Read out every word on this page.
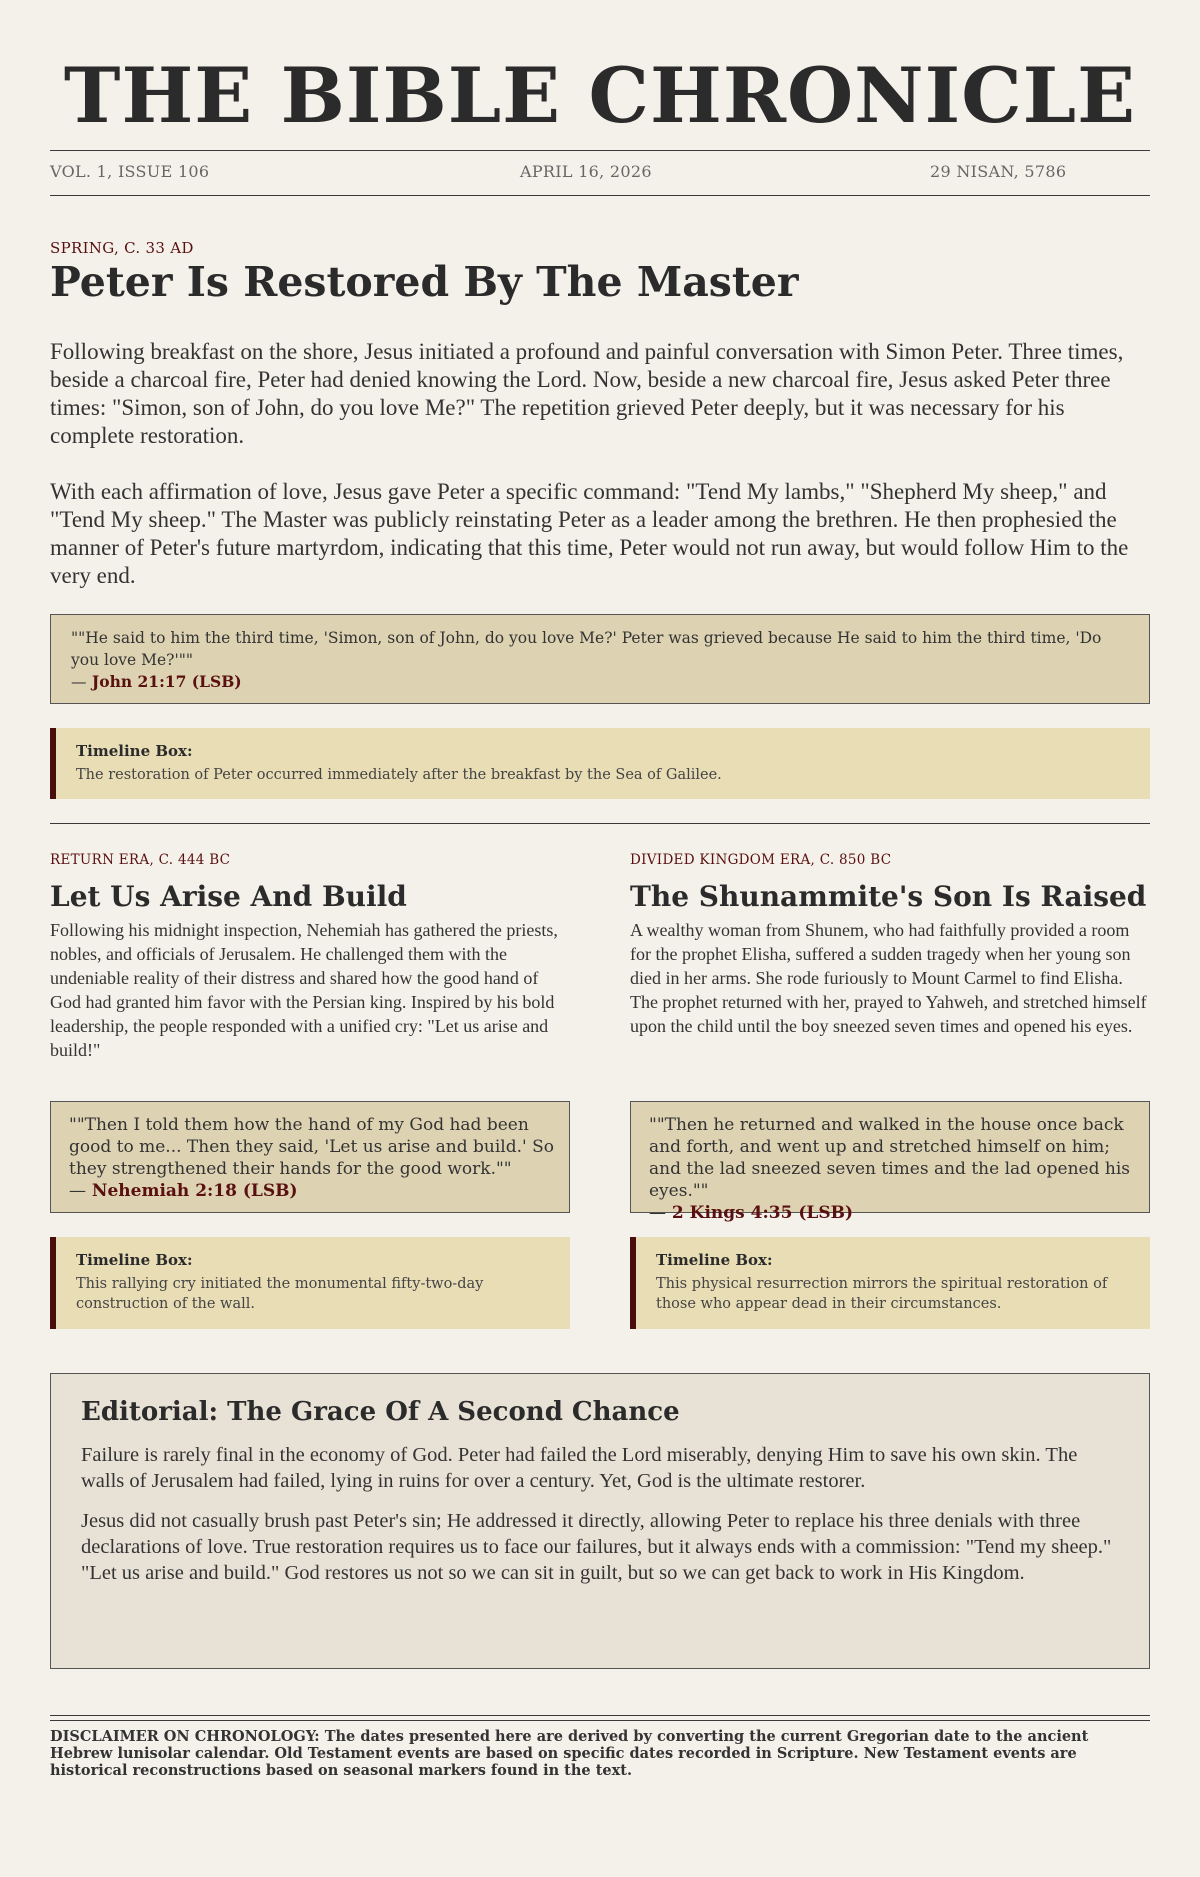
THE BIBLE CHRONICLE
VOL. 1, ISSUE 106	APRIL 16, 2026	29 NISAN, 5786
SPRING, C. 33 AD
Peter Is Restored By The Master

Following breakfast on the shore, Jesus initiated a profound and painful conversation with Simon Peter. Three times, beside a charcoal fire, Peter had denied knowing the Lord. Now, beside a new charcoal fire, Jesus asked Peter three times: "Simon, son of John, do you love Me?" The repetition grieved Peter deeply, but it was necessary for his complete restoration.

With each affirmation of love, Jesus gave Peter a specific command: "Tend My lambs," "Shepherd My sheep," and "Tend My sheep." The Master was publicly reinstating Peter as a leader among the brethren. He then prophesied the manner of Peter's future martyrdom, indicating that this time, Peter would not run away, but would follow Him to the very end.

""He said to him the third time, 'Simon, son of John, do you love Me?' Peter was grieved because He said to him the third time, 'Do you love Me?'""
— John 21:17 (LSB)
Timeline Box:
The restoration of Peter occurred immediately after the breakfast by the Sea of Galilee.
RETURN ERA, C. 444 BC
Let Us Arise And Build
Following his midnight inspection, Nehemiah has gathered the priests, nobles, and officials of Jerusalem. He challenged them with the undeniable reality of their distress and shared how the good hand of God had granted him favor with the Persian king. Inspired by his bold leadership, the people responded with a unified cry: "Let us arise and build!"
""Then I told them how the hand of my God had been good to me... Then they said, 'Let us arise and build.' So they strengthened their hands for the good work.""
— Nehemiah 2:18 (LSB)
Timeline Box:
This rallying cry initiated the monumental fifty-two-day construction of the wall.
DIVIDED KINGDOM ERA, C. 850 BC
The Shunammite's Son Is Raised
A wealthy woman from Shunem, who had faithfully provided a room for the prophet Elisha, suffered a sudden tragedy when her young son died in her arms. She rode furiously to Mount Carmel to find Elisha. The prophet returned with her, prayed to Yahweh, and stretched himself upon the child until the boy sneezed seven times and opened his eyes.
""Then he returned and walked in the house once back and forth, and went up and stretched himself on him; and the lad sneezed seven times and the lad opened his eyes.""
— 2 Kings 4:35 (LSB)
Timeline Box:
This physical resurrection mirrors the spiritual restoration of those who appear dead in their circumstances.
Editorial: The Grace Of A Second Chance

Failure is rarely final in the economy of God. Peter had failed the Lord miserably, denying Him to save his own skin. The walls of Jerusalem had failed, lying in ruins for over a century. Yet, God is the ultimate restorer.

Jesus did not casually brush past Peter's sin; He addressed it directly, allowing Peter to replace his three denials with three declarations of love. True restoration requires us to face our failures, but it always ends with a commission: "Tend my sheep." "Let us arise and build." God restores us not so we can sit in guilt, but so we can get back to work in His Kingdom.

DISCLAIMER ON CHRONOLOGY: The dates presented here are derived by converting the current Gregorian date to the ancient Hebrew lunisolar calendar. Old Testament events are based on specific dates recorded in Scripture. New Testament events are historical reconstructions based on seasonal markers found in the text.
